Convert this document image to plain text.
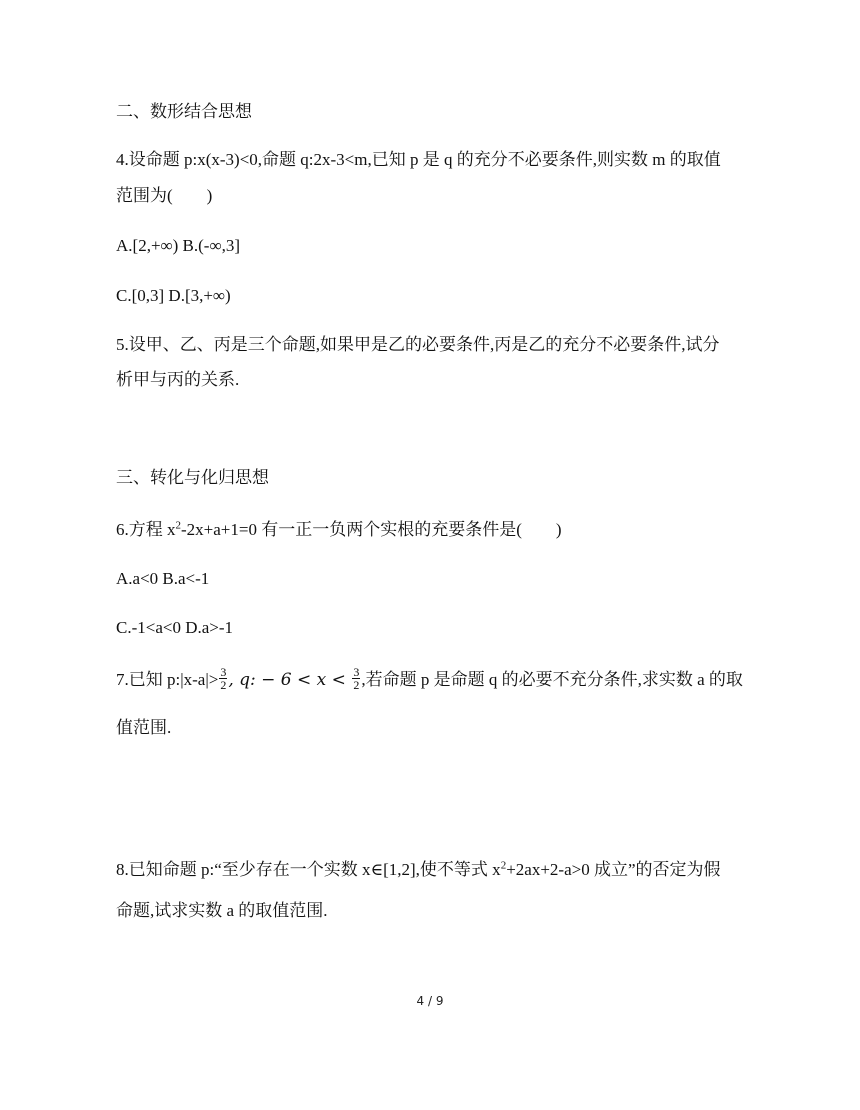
二、数形结合思想
4.设命题 p:x(x-3)<0,命题 q:2x-3<m,已知 p 是 q 的充分不必要条件,则实数 m 的取值
范围为(　　)
A.[2,+∞) B.(-∞,3]
C.[0,3] D.[3,+∞)
5.设甲、乙、丙是三个命题,如果甲是乙的必要条件,丙是乙的充分不必要条件,试分
析甲与丙的关系.
三、转化与化归思想
6.方程 $x^2-2x+a+1=0$ 有一正一负两个实根的充要条件是(　　)
A.a<0 B.a<-1
C.-1<a<0 D.a>-1
7.已知 p:|x-a|> $\frac{3}{2}$ , q: − $6 < x < \frac{3}{2}$ ,若命题 p 是命题 q 的必要不充分条件,求实数 a 的取
值范围.
8.已知命题 p:“至少存在一个实数 x∈[1,2],使不等式 $x^2+2ax+2-a>0$ 成立”的否定为假
命题,试求实数 a 的取值范围.
4 / 9
